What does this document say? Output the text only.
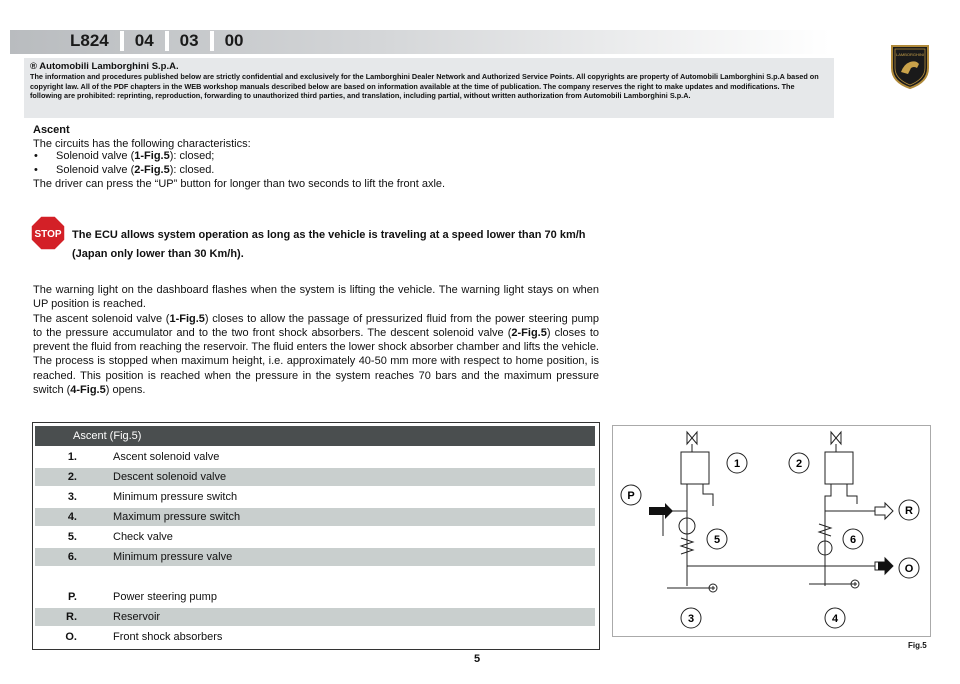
L824 04 03 00
LAMBORGHINI
® Automobili Lamborghini S.p.A.
The information and procedures published below are strictly confidential and exclusively for the Lamborghini Dealer Network and Authorized Service Points. All copyrights are property of Automobili Lamborghini S.p.A based on copyright law. All of the PDF chapters in the WEB workshop manuals described below are based on information available at the time of publication. The company reserves the right to make updates and modifications. The following are prohibited: reprinting, reproduction, forwarding to unauthorized third parties, and translation, including partial, without written authorization from Automobili Lamborghini S.p.A.
Ascent
The circuits has the following characteristics:
• Solenoid valve (1-Fig.5): closed;
• Solenoid valve (2-Fig.5): closed.
The driver can press the “UP” button for longer than two seconds to lift the front axle.
STOP The ECU allows system operation as long as the vehicle is traveling at a speed lower than 70 km/h
(Japan only lower than 30 Km/h).
The warning light on the dashboard flashes when the system is lifting the vehicle. The warning light stays on when UP position is reached.
The ascent solenoid valve (1-Fig.5) closes to allow the passage of pressurized fluid from the power steering pump to the pressure accumulator and to the two front shock absorbers. The descent solenoid valve (2-Fig.5) closes to prevent the fluid from reaching the reservoir. The fluid enters the lower shock absorber chamber and lifts the vehicle. The process is stopped when maximum height, i.e. approximately 40-50 mm more with respect to home position, is reached. This position is reached when the pressure in the system reaches 70 bars and the maximum pressure switch (4-Fig.5) opens.
Ascent (Fig.5)
1.	Ascent solenoid valve
2.	Descent solenoid valve
3.	Minimum pressure switch
4.	Maximum pressure switch
5.	Check valve
6.	Minimum pressure valve
P.	Power steering pump
R.	Reservoir
O.	Front shock absorbers
1	2
P
R
5	6
O
3	4
Fig.5
5
